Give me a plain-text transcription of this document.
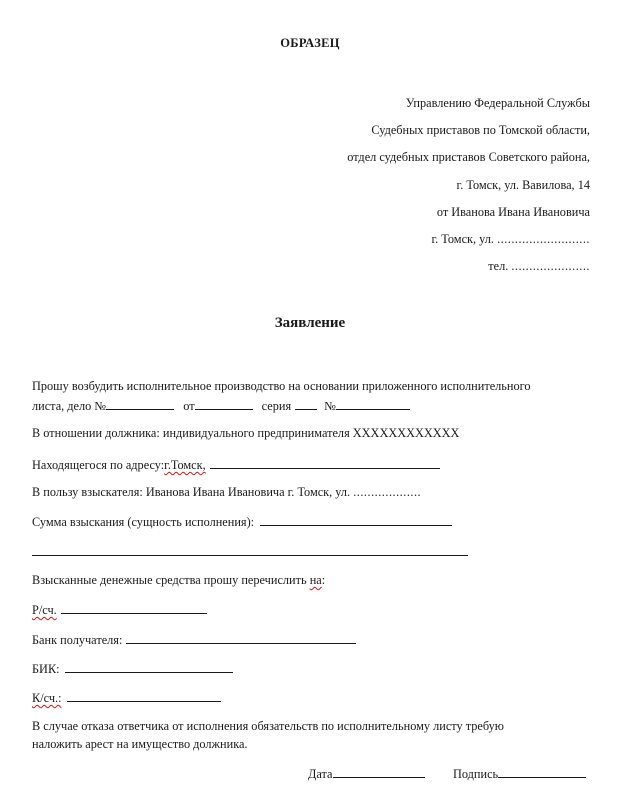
ОБРАЗЕЦ
Управлению Федеральной Службы
Судебных приставов по Томской области,
отдел судебных приставов Советского района,
г. Томск, ул. Вавилова, 14
от Иванова Ивана Ивановича
г. Томск, ул. ..........................
тел. ......................
Заявление
Прошу возбудить исполнительное производство на основании приложенного исполнительного
листа, дело №	от	серия	№
В отношении должника: индивидуального предпринимателя ХХХХХХХХХХХХ
Находящегося по адресу:г.Томск,
В пользу взыскателя: Иванова Ивана Ивановича г. Томск, ул. ...................
Сумма взыскания (сущность исполнения):
Взысканные денежные средства прошу перечислить на:
Р/сч.
Банк получателя:
БИК:
К/сч.:
В случае отказа ответчика от исполнения обязательств по исполнительному листу требую
наложить арест на имущество должника.
Дата	Подпись
